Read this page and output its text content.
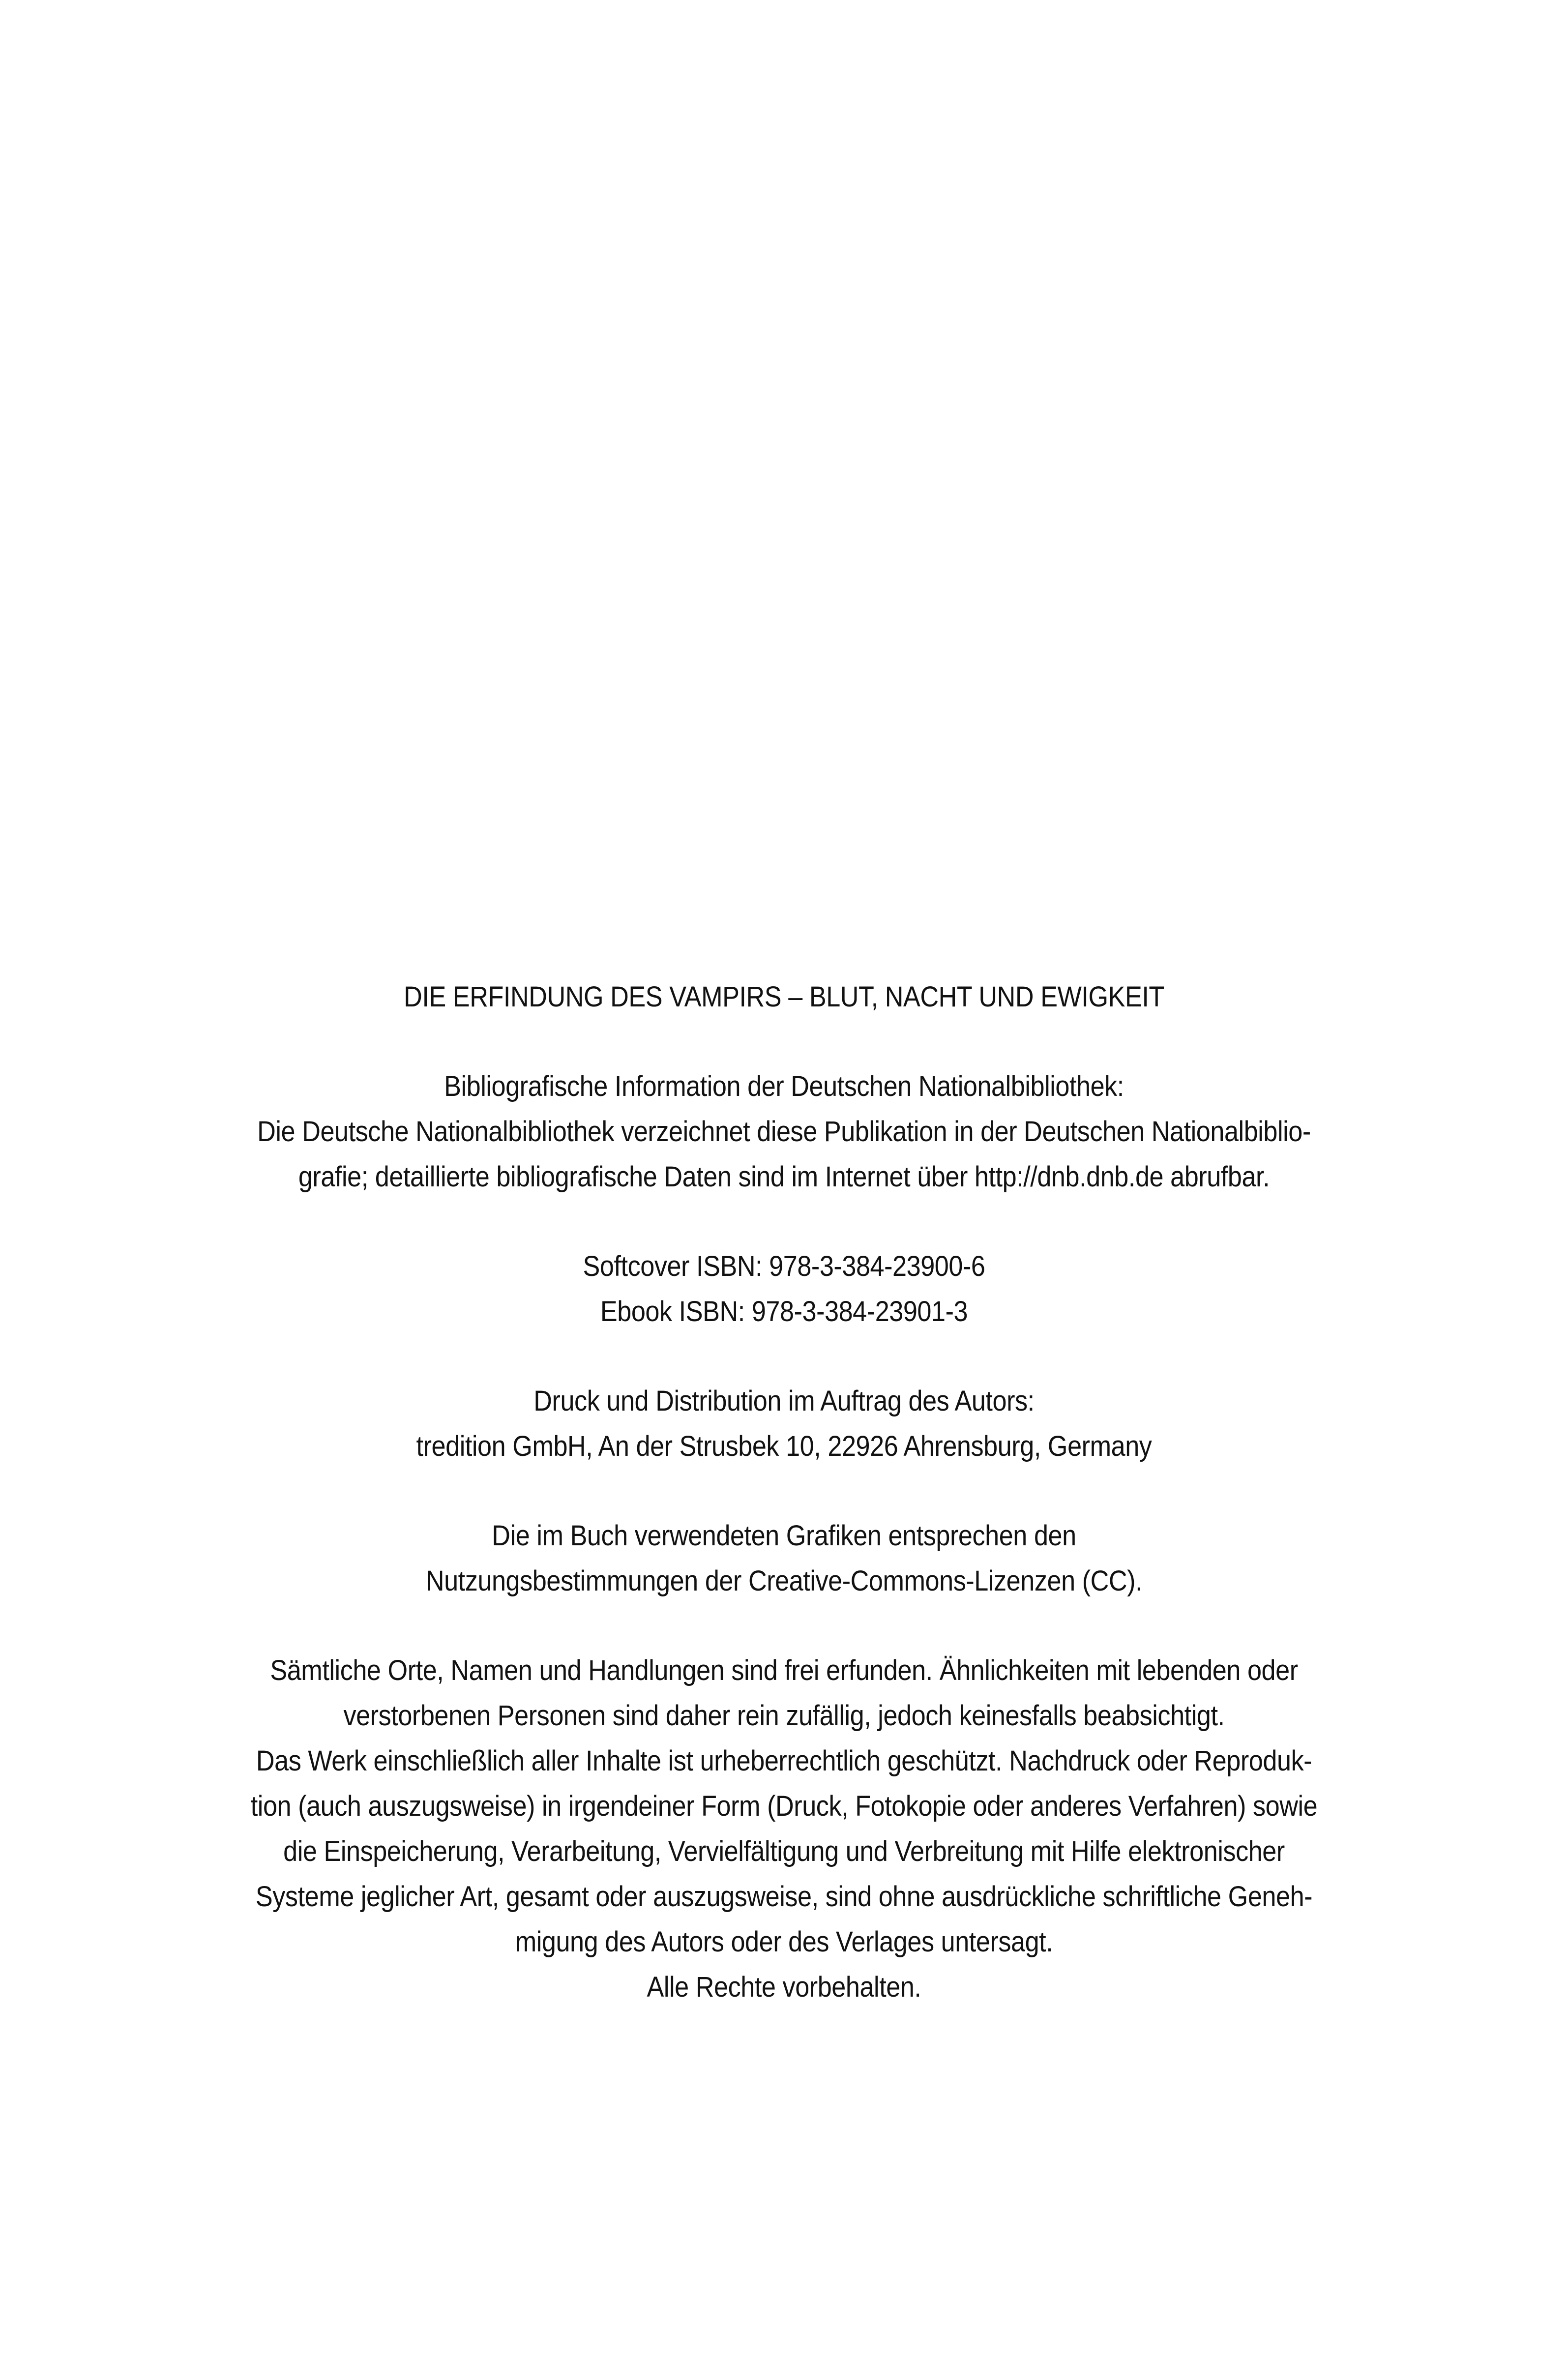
DIE ERFINDUNG DES VAMPIRS – BLUT, NACHT UND EWIGKEIT
Bibliografische Information der Deutschen Nationalbibliothek:
Die Deutsche Nationalbibliothek verzeichnet diese Publikation in der Deutschen Nationalbiblio-
grafie; detaillierte bibliografische Daten sind im Internet über http://dnb.dnb.de abrufbar.
Softcover ISBN: 978-3-384-23900-6
Ebook ISBN: 978-3-384-23901-3
Druck und Distribution im Auftrag des Autors:
tredition GmbH, An der Strusbek 10, 22926 Ahrensburg, Germany
Die im Buch verwendeten Grafiken entsprechen den
Nutzungsbestimmungen der Creative-Commons-Lizenzen (CC).
Sämtliche Orte, Namen und Handlungen sind frei erfunden. Ähnlichkeiten mit lebenden oder
verstorbenen Personen sind daher rein zufällig, jedoch keinesfalls beabsichtigt.
Das Werk einschließlich aller Inhalte ist urheberrechtlich geschützt. Nachdruck oder Reproduk-
tion (auch auszugsweise) in irgendeiner Form (Druck, Fotokopie oder anderes Verfahren) sowie
die Einspeicherung, Verarbeitung, Vervielfältigung und Verbreitung mit Hilfe elektronischer
Systeme jeglicher Art, gesamt oder auszugsweise, sind ohne ausdrückliche schriftliche Geneh-
migung des Autors oder des Verlages untersagt.
Alle Rechte vorbehalten.
